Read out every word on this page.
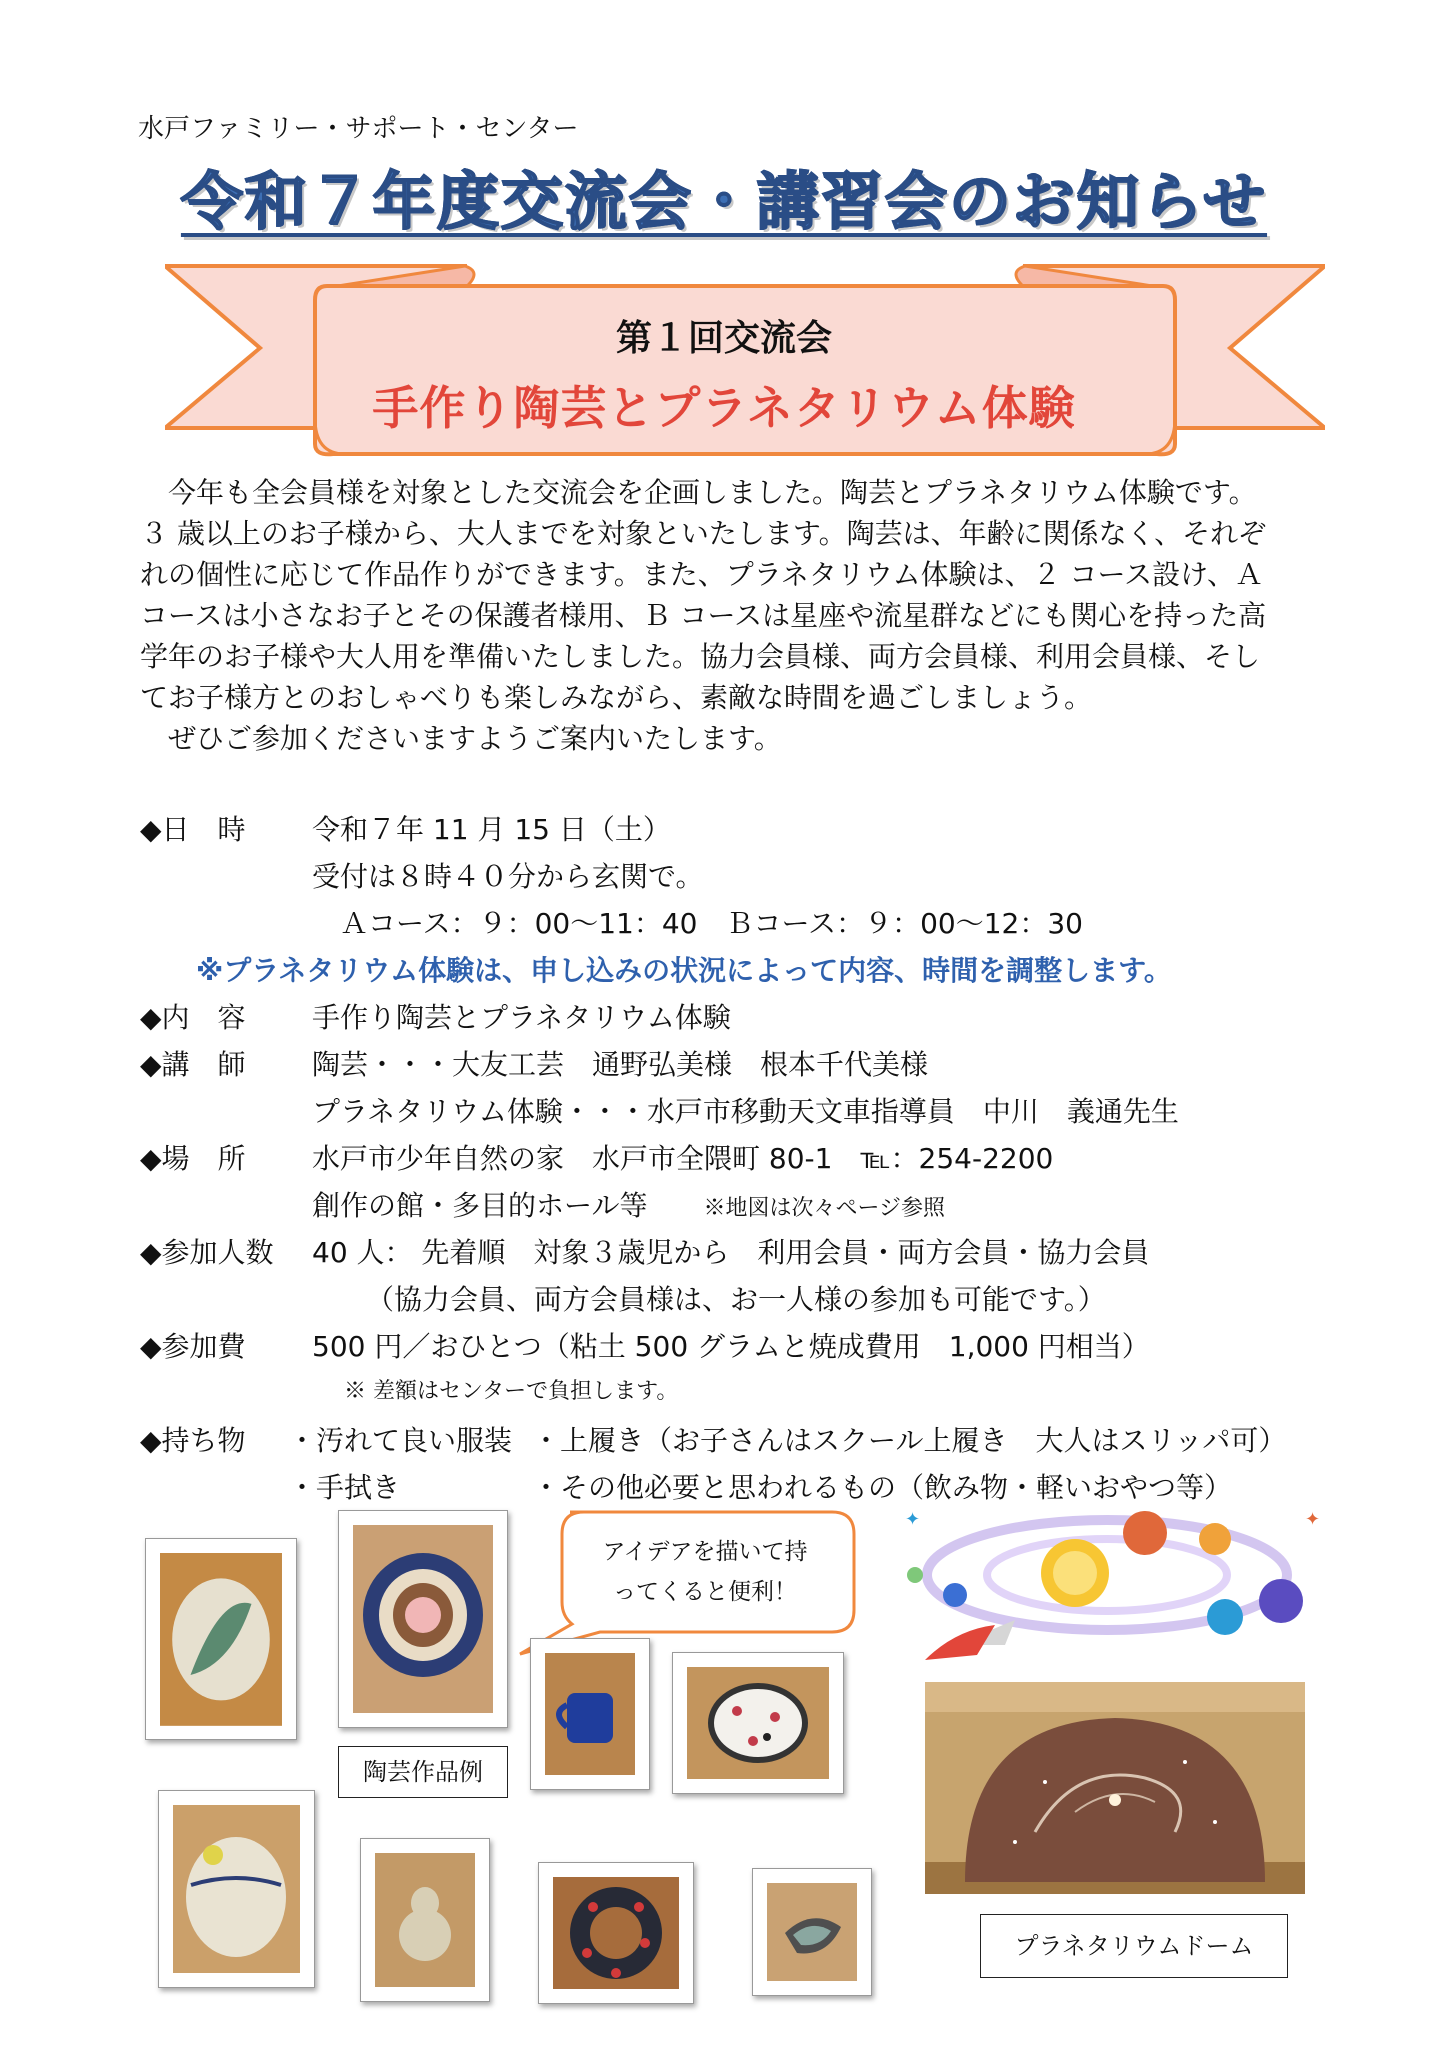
水戸ファミリー・サポート・センター
令和７年度交流会・講習会のお知らせ
第１回交流会
手作り陶芸とプラネタリウム体験

　今年も全会員様を対象とした交流会を企画しました。陶芸とプラネタリウム体験です。

３ 歳以上のお子様から、大人までを対象といたします。陶芸は、年齢に関係なく、それぞ

れの個性に応じて作品作りができます。また、プラネタリウム体験は、２ コース設け、Ａ

コースは小さなお子とその保護者様用、Ｂ コースは星座や流星群などにも関心を持った高

学年のお子様や大人用を準備いたしました。協力会員様、両方会員様、利用会員様、そし

てお子様方とのおしゃべりも楽しみながら、素敵な時間を過ごしましょう。

　ぜひご参加くださいますようご案内いたします。

◆日　時 令和７年 11 月 15 日（土）
受付は８時４０分から玄関で。
Ａコース：９：00～11：40　Ｂコース：９：00～12：30
※プラネタリウム体験は、申し込みの状況によって内容、時間を調整します。
◆内　容 手作り陶芸とプラネタリウム体験
◆講　師 陶芸・・・大友工芸　通野弘美様　根本千代美様
プラネタリウム体験・・・水戸市移動天文車指導員　中川　義通先生
◆場　所 水戸市少年自然の家　水戸市全隈町 80-1　℡：254-2200
創作の館・多目的ホール等	※地図は次々ページ参照
◆参加人数 40 人： 先着順　対象３歳児から　利用会員・両方会員・協力会員
（協力会員、両方会員様は、お一人様の参加も可能です。）
◆参加費 500 円／おひとつ（粘土 500 グラムと焼成費用　1,000 円相当）
※ 差額はセンターで負担します。
◆持ち物 ・汚れて良い服装 ・上履き（お子さんはスクール上履き　大人はスリッパ可）
・手拭き	・その他必要と思われるもの（飲み物・軽いおやつ等）
陶芸作品例
アイデアを描いて持
ってくると便利！
✦	✦
プラネタリウムドーム
